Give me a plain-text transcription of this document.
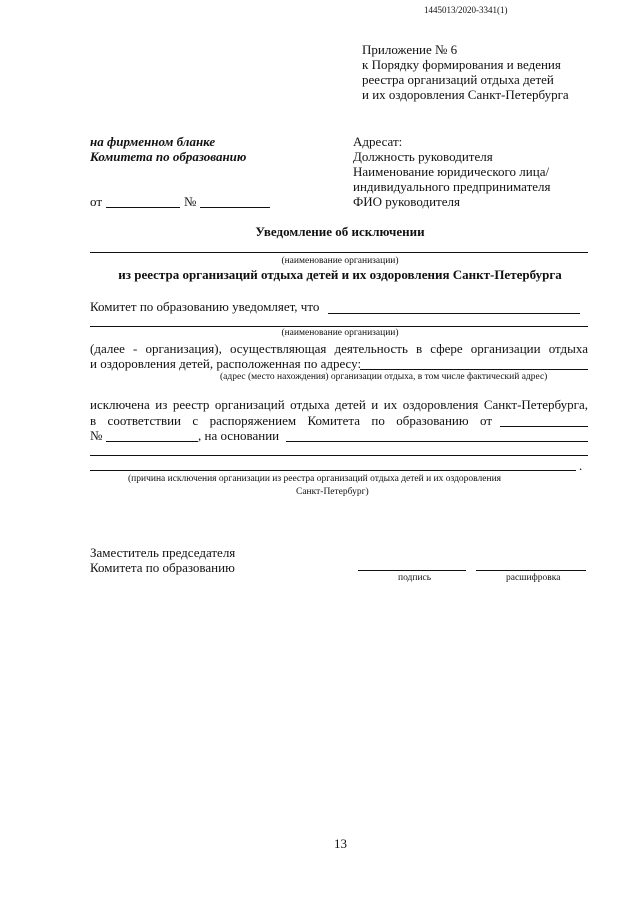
1445013/2020-3341(1)
Приложение № 6
к Порядку формирования и ведения
реестра организаций отдыха детей
и их оздоровления Санкт-Петербурга
на фирменном бланке
Комитета по образованию
Адресат:
Должность руководителя
Наименование юридического лица/
индивидуального предпринимателя
ФИО руководителя
от	№
Уведомление об исключении
(наименование организации)
из реестра организаций отдыха детей и их оздоровления Санкт-Петербурга
Комитет по образованию уведомляет, что
(наименование организации)
(далее - организация), осуществляющая деятельность в сфере организации отдыха
и оздоровления детей, расположенная по адресу:
(адрес (место нахождения) организации отдыха, в том числе фактический адрес)
исключена из реестр организаций отдыха детей и их оздоровления Санкт-Петербурга,
в соответствии с распоряжением Комитета по образованию от
№	, на основании
.
(причина исключения организации из реестра организаций отдыха детей и их оздоровления
Санкт-Петербург)
Заместитель председателя
Комитета по образованию
подпись	расшифровка
13
